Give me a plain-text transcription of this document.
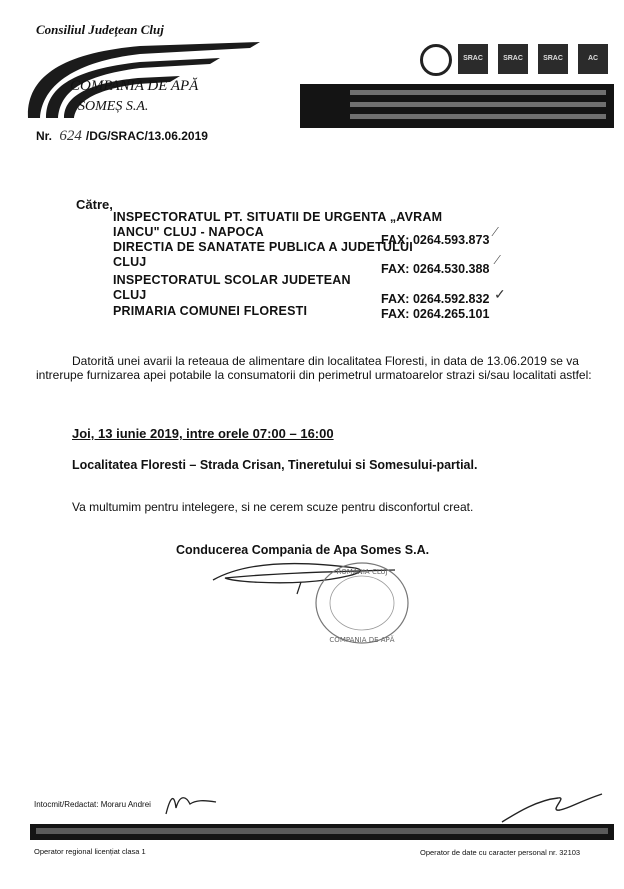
Consiliul Județean Cluj
COMPANIA DE APĂ
SOMEȘ S.A.
SRAC	SRAC	SRAC	AC
Nr. 624 /DG/SRAC/13.06.2019
Către,
INSPECTORATUL PT. SITUATII DE URGENTA „AVRAM
IANCU" CLUJ - NAPOCA
FAX: 0264.593.873 ⁄
DIRECTIA DE SANATATE PUBLICA A JUDETULUI
CLUJ	FAX: 0264.530.388
⁄
INSPECTORATUL SCOLAR JUDETEAN
CLUJ	FAX: 0264.592.832 ✓
PRIMARIA COMUNEI FLORESTI	FAX: 0264.265.101
Datorită unei avarii la reteaua de alimentare din localitatea Floresti, in data de 13.06.2019 se va intrerupe furnizarea apei potabile la consumatorii din perimetrul urmatoarelor strazi si/sau localitati astfel:
Joi, 13 iunie 2019, intre orele 07:00 – 16:00
Localitatea Floresti – Strada Crisan, Tineretului si Somesului-partial.
Va multumim pentru intelegere, si ne cerem scuze pentru disconfortul creat.
Conducerea Compania de Apa Somes S.A.
ROMÂNIA CLUJ
COMPANIA DE APĂ
Intocmit/Redactat: Moraru Andrei
Operator regional licențiat clasa 1	Operator de date cu caracter personal nr. 32103
